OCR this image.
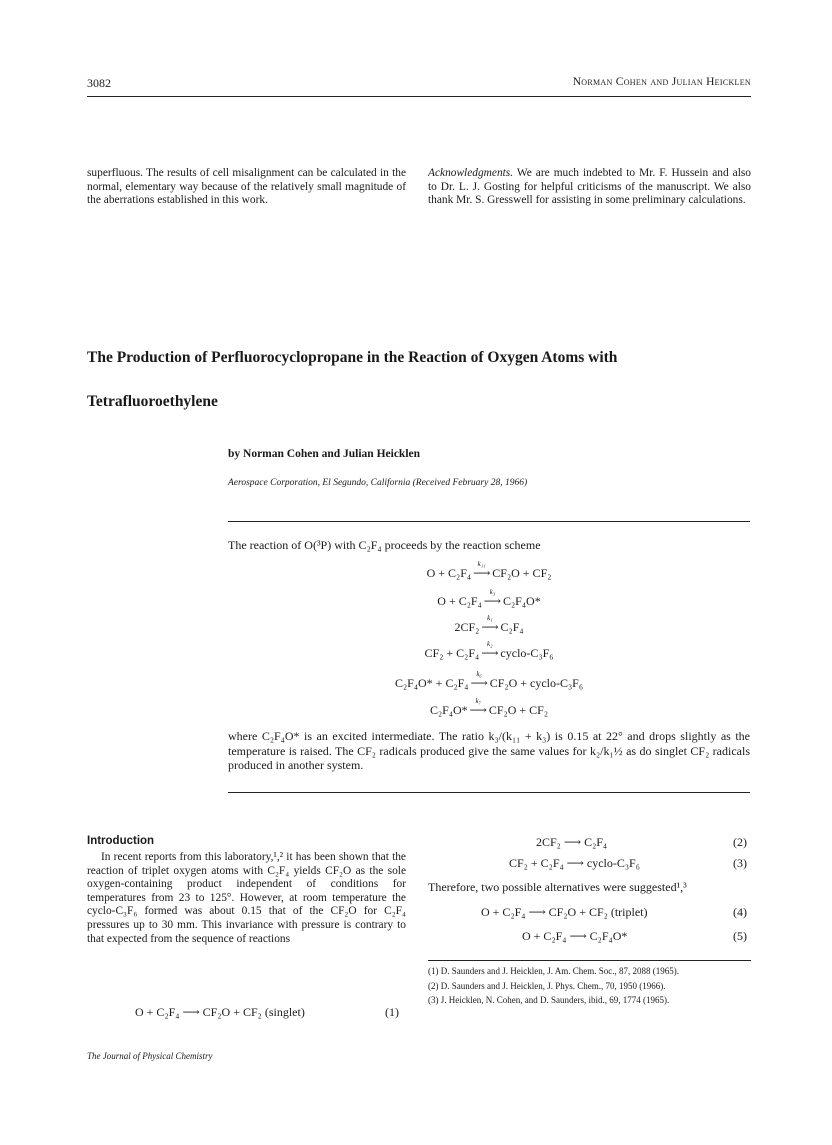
3082	Norman Cohen and Julian Heicklen

superfluous. The results of cell misalignment can be calculated in the normal, elementary way because of the relatively small magnitude of the aberrations established in this work.

Acknowledgments. We are much indebted to Mr. F. Hussein and also to Dr. L. J. Gosting for helpful criticisms of the manuscript. We also thank Mr. S. Gresswell for assisting in some preliminary calculations.

The Production of Perfluorocyclopropane in the Reaction of Oxygen Atoms with Tetrafluoroethylene
by Norman Cohen and Julian Heicklen
Aerospace Corporation, El Segundo, California (Received February 28, 1966)
The reaction of O(³P) with C₂F₄ proceeds by the reaction scheme
O + C₂F₄
k₁₁
⟶ CF₂O + CF₂
O + C₂F₄
k₃
⟶ C₂F₄O*
2CF₂
k₁
⟶ C₂F₄
CF₂ + C₂F₄
k₂
⟶ cyclo-C₃F₆
C₂F₄O* + C₂F₄
k₆
⟶ CF₂O + cyclo-C₃F₆
C₂F₄O*
k₇
⟶ CF₂O + CF₂
where C₂F₄O* is an excited intermediate. The ratio k₃/(k₁₁ + k₃) is 0.15 at 22° and drops slightly as the temperature is raised. The CF₂ radicals produced give the same values for k₂/k₁½ as do singlet CF₂ radicals produced in another system.
Introduction
In recent reports from this laboratory,¹,² it has been shown that the reaction of triplet oxygen atoms with C₂F₄ yields CF₂O as the sole oxygen-containing product independent of conditions for temperatures from 23 to 125°. However, at room temperature the cyclo-C₃F₆ formed was about 0.15 that of the CF₂O for C₂F₄ pressures up to 30 mm. This invariance with pressure is contrary to that expected from the sequence of reactions
O + C₂F₄ ⟶ CF₂O + CF₂ (singlet)	(1)
2CF₂ ⟶ C₂F₄	(2)
CF₂ + C₂F₄ ⟶ cyclo-C₃F₆	(3)
Therefore, two possible alternatives were suggested¹,³
O + C₂F₄ ⟶ CF₂O + CF₂ (triplet)	(4)
O + C₂F₄ ⟶ C₂F₄O*	(5)

(1) D. Saunders and J. Heicklen, J. Am. Chem. Soc., 87, 2088 (1965).

(2) D. Saunders and J. Heicklen, J. Phys. Chem., 70, 1950 (1966).

(3) J. Heicklen, N. Cohen, and D. Saunders, ibid., 69, 1774 (1965).

The Journal of Physical Chemistry
